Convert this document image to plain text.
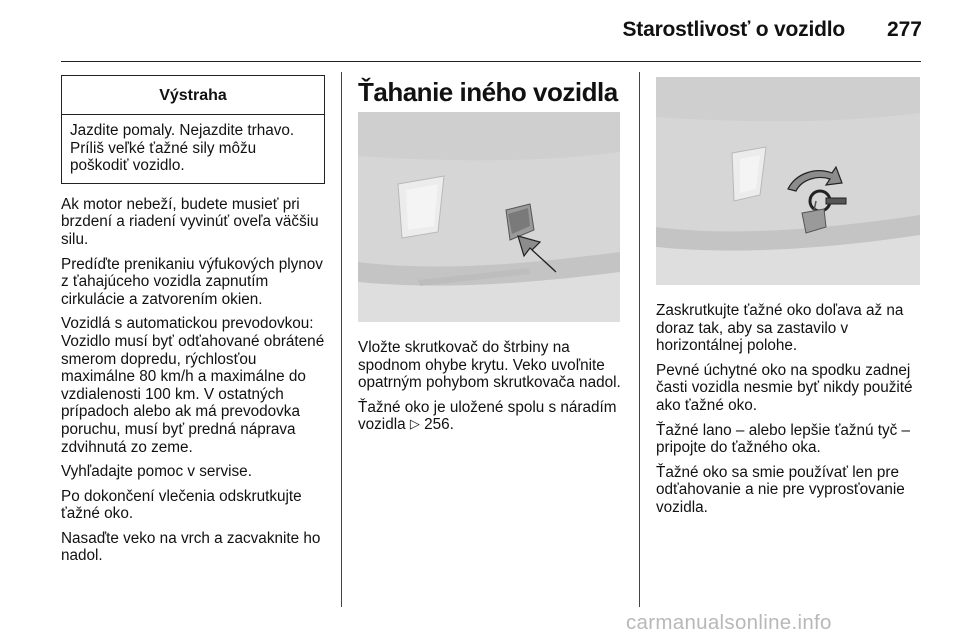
Starostlivosť o vozidlo	277
Výstraha
Jazdite pomaly. Nejazdite trhavo. Príliš veľké ťažné sily môžu poškodiť vozidlo.

Ak motor nebeží, budete musieť pri brzdení a riadení vyvinúť oveľa väčšiu silu.

Predíďte prenikaniu výfukových plynov z ťahajúceho vozidla zapnutím cirkulácie a zatvorením okien.

Vozidlá s automatickou prevodovkou: Vozidlo musí byť odťahované obrátené smerom dopredu, rýchlosťou maximálne 80 km/h a maximálne do vzdialenosti 100 km. V ostatných prípadoch alebo ak má prevodovka poruchu, musí byť predná náprava zdvihnutá zo zeme.

Vyhľadajte pomoc v servise.

Po dokončení vlečenia odskrutkujte ťažné oko.

Nasaďte veko na vrch a zacvaknite ho nadol.

Ťahanie iného vozidla

Vložte skrutkovač do štrbiny na spodnom ohybe krytu. Veko uvoľnite opatrným pohybom skrutkovača nadol.

Ťažné oko je uložené spolu s náradím vozidla ▷ 256.

Zaskrutkujte ťažné oko doľava až na doraz tak, aby sa zastavilo v horizontálnej polohe.

Pevné úchytné oko na spodku zadnej časti vozidla nesmie byť nikdy použité ako ťažné oko.

Ťažné lano – alebo lepšie ťažnú tyč – pripojte do ťažného oka.

Ťažné oko sa smie používať len pre odťahovanie a nie pre vyprosťovanie vozidla.

carmanualsonline.info
